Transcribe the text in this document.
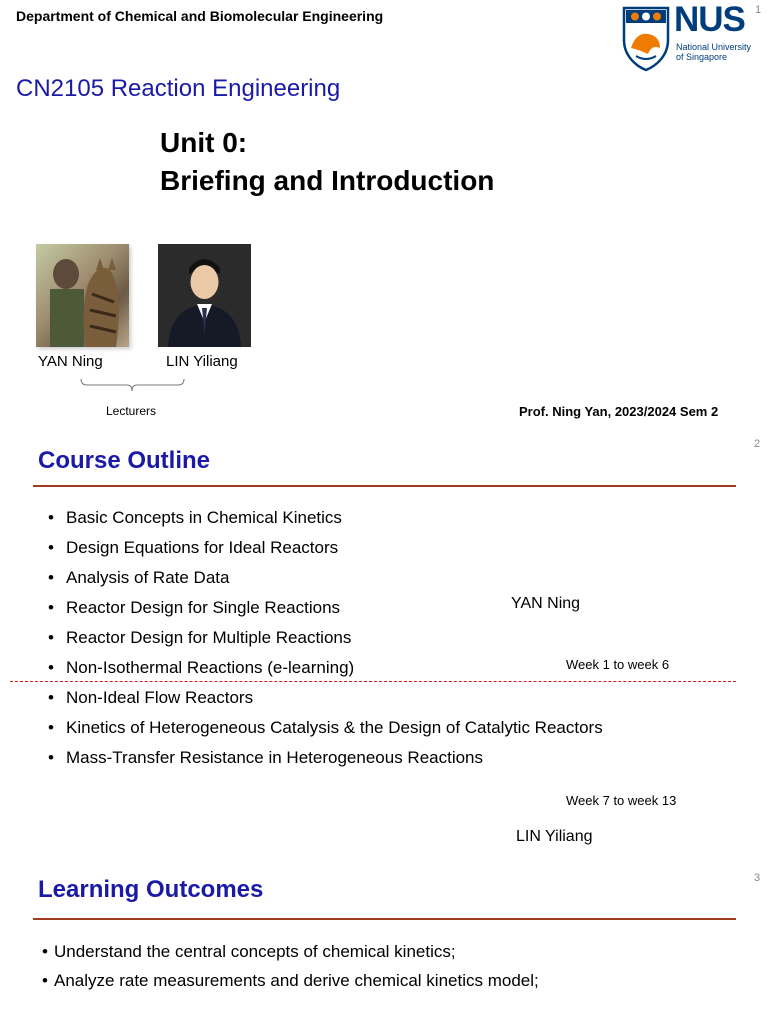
Department of Chemical and Biomolecular Engineering	1
NUS
National University
of Singapore
CN2105 Reaction Engineering
Unit 0:
Briefing and Introduction
YAN Ning	LIN Yiliang
Lecturers	Prof. Ning Yan, 2023/2024 Sem 2
2
Course Outline
• Basic Concepts in Chemical Kinetics
• Design Equations for Ideal Reactors
• Analysis of Rate Data
• Reactor Design for Single Reactions
• Reactor Design for Multiple Reactions
• Non-Isothermal Reactions (e-learning)
• Non-Ideal Flow Reactors
• Kinetics of Heterogeneous Catalysis & the Design of Catalytic Reactors
• Mass-Transfer Resistance in Heterogeneous Reactions
YAN Ning
Week 1 to week 6
Week 7 to week 13
LIN Yiliang
3
Learning Outcomes
• Understand the central concepts of chemical kinetics;
• Analyze rate measurements and derive chemical kinetics model;
